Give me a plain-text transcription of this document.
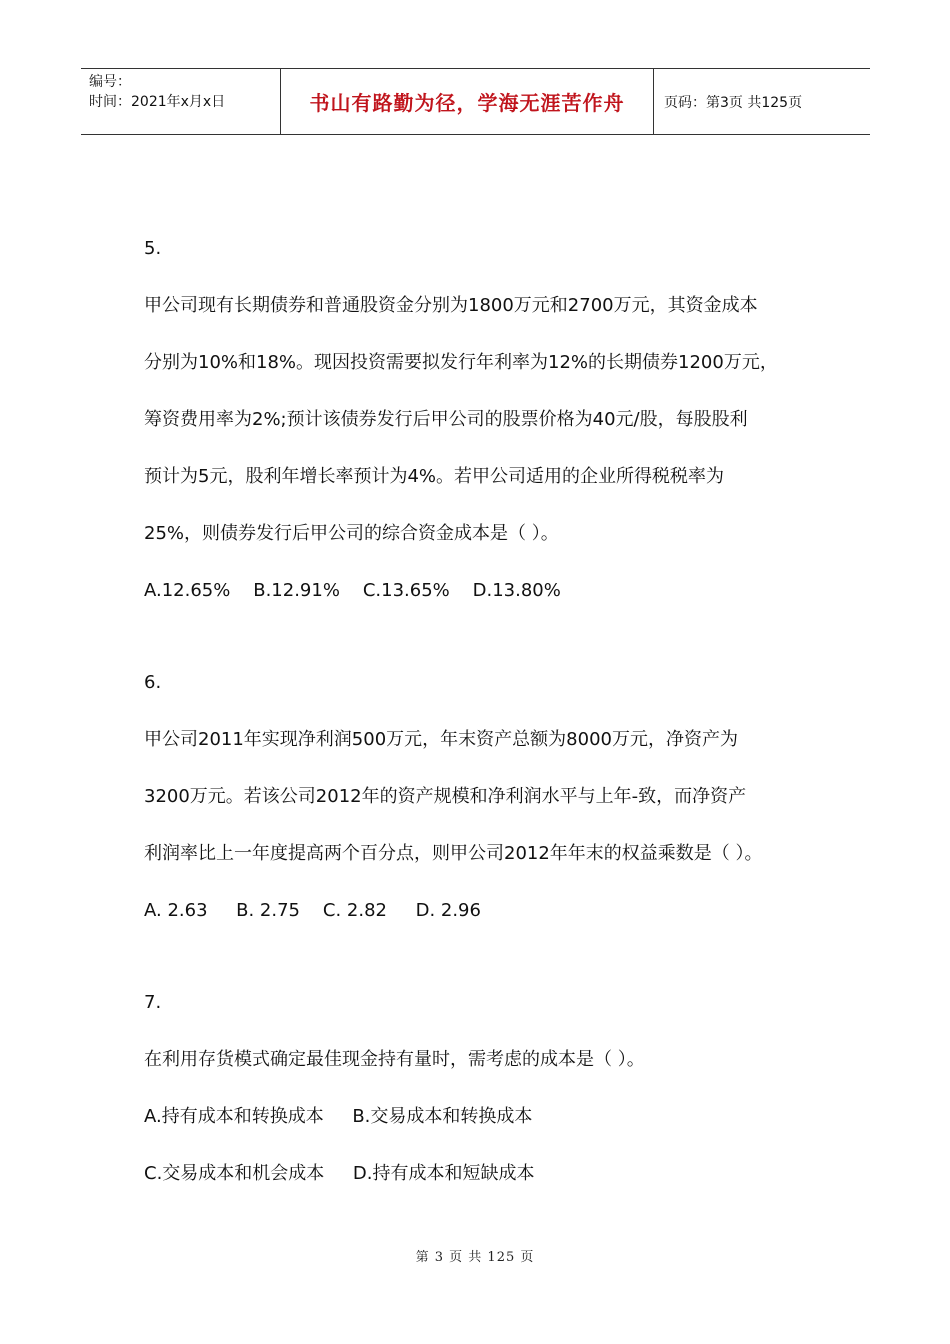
编号：
时间：2021年x月x日	书山有路勤为径，学海无涯苦作舟	页码：第3页 共125页
5.
甲公司现有长期债券和普通股资金分别为1800万元和2700万元，其资金成本
分别为10%和18%。现因投资需要拟发行年利率为12%的长期债券1200万元，
筹资费用率为2%;预计该债券发行后甲公司的股票价格为40元/股，每股股利
预计为5元，股利年增长率预计为4%。若甲公司适用的企业所得税税率为
25%，则债券发行后甲公司的综合资金成本是（ ）。
A.12.65%    B.12.91%    C.13.65%    D.13.80%
6.
甲公司2011年实现净利润500万元，年末资产总额为8000万元，净资产为
3200万元。若该公司2012年的资产规模和净利润水平与上年-致，而净资产
利润率比上一年度提高两个百分点，则甲公司2012年年末的权益乘数是（ ）。
A. 2.63     B. 2.75    C. 2.82     D. 2.96
7.
在利用存货模式确定最佳现金持有量时，需考虑的成本是（ ）。
A.持有成本和转换成本     B.交易成本和转换成本
C.交易成本和机会成本     D.持有成本和短缺成本
第 3 页 共 125 页
